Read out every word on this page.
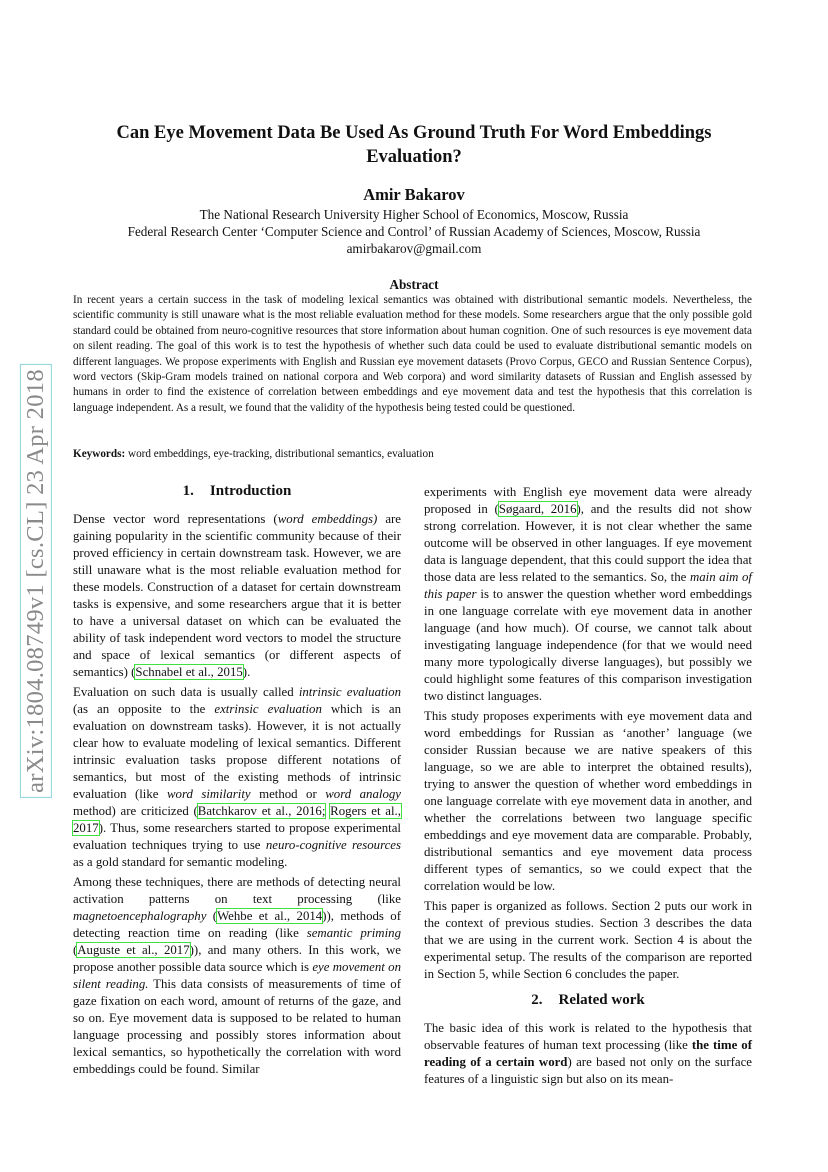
arXiv:1804.08749v1 [cs.CL] 23 Apr 2018
Can Eye Movement Data Be Used As Ground Truth For Word Embeddings
Evaluation?
Amir Bakarov
The National Research University Higher School of Economics, Moscow, Russia
Federal Research Center ‘Computer Science and Control’ of Russian Academy of Sciences, Moscow, Russia
amirbakarov@gmail.com
Abstract
In recent years a certain success in the task of modeling lexical semantics was obtained with distributional semantic models. Nevertheless, the scientific community is still unaware what is the most reliable evaluation method for these models. Some researchers argue that the only possible gold standard could be obtained from neuro-cognitive resources that store information about human cognition. One of such resources is eye movement data on silent reading. The goal of this work is to test the hypothesis of whether such data could be used to evaluate distributional semantic models on different languages. We propose experiments with English and Russian eye movement datasets (Provo Corpus, GECO and Russian Sentence Corpus), word vectors (Skip-Gram models trained on national corpora and Web corpora) and word similarity datasets of Russian and English assessed by humans in order to find the existence of correlation between embeddings and eye movement data and test the hypothesis that this correlation is language independent. As a result, we found that the validity of the hypothesis being tested could be questioned.
Keywords: word embeddings, eye-tracking, distributional semantics, evaluation
1. Introduction

Dense vector word representations (word embeddings) are gaining popularity in the scientific community because of their proved efficiency in certain downstream task. However, we are still unaware what is the most reliable evaluation method for these models. Construction of a dataset for certain downstream tasks is expensive, and some researchers argue that it is better to have a universal dataset on which can be evaluated the ability of task independent word vectors to model the structure and space of lexical semantics (or different aspects of semantics) (Schnabel et al., 2015).

Evaluation on such data is usually called intrinsic evaluation (as an opposite to the extrinsic evaluation which is an evaluation on downstream tasks). However, it is not actually clear how to evaluate modeling of lexical semantics. Different intrinsic evaluation tasks propose different notations of semantics, but most of the existing methods of intrinsic evaluation (like word similarity method or word analogy method) are criticized (Batchkarov et al., 2016; Rogers et al., 2017). Thus, some researchers started to propose experimental evaluation techniques trying to use neuro-cognitive resources as a gold standard for semantic modeling.

Among these techniques, there are methods of detecting neural activation patterns on text processing (like magnetoencephalography (Wehbe et al., 2014)), methods of detecting reaction time on reading (like semantic priming (Auguste et al., 2017)), and many others. In this work, we propose another possible data source which is eye movement on silent reading. This data consists of measurements of time of gaze fixation on each word, amount of returns of the gaze, and so on. Eye movement data is supposed to be related to human language processing and possibly stores information about lexical semantics, so hypothetically the correlation with word embeddings could be found. Similar

experiments with English eye movement data were already proposed in (Søgaard, 2016), and the results did not show strong correlation. However, it is not clear whether the same outcome will be observed in other languages. If eye movement data is language dependent, that this could support the idea that those data are less related to the semantics. So, the main aim of this paper is to answer the question whether word embeddings in one language correlate with eye movement data in another language (and how much). Of course, we cannot talk about investigating language independence (for that we would need many more typologically diverse languages), but possibly we could highlight some features of this comparison investigation two distinct languages.

This study proposes experiments with eye movement data and word embeddings for Russian as ‘another’ language (we consider Russian because we are native speakers of this language, so we are able to interpret the obtained results), trying to answer the question of whether word embeddings in one language correlate with eye movement data in another, and whether the correlations between two language specific embeddings and eye movement data are comparable. Probably, distributional semantics and eye movement data process different types of semantics, so we could expect that the correlation would be low.

This paper is organized as follows. Section 2 puts our work in the context of previous studies. Section 3 describes the data that we are using in the current work. Section 4 is about the experimental setup. The results of the comparison are reported in Section 5, while Section 6 concludes the paper.

2. Related work

The basic idea of this work is related to the hypothesis that observable features of human text processing (like the time of reading of a certain word) are based not only on the surface features of a linguistic sign but also on its mean-
